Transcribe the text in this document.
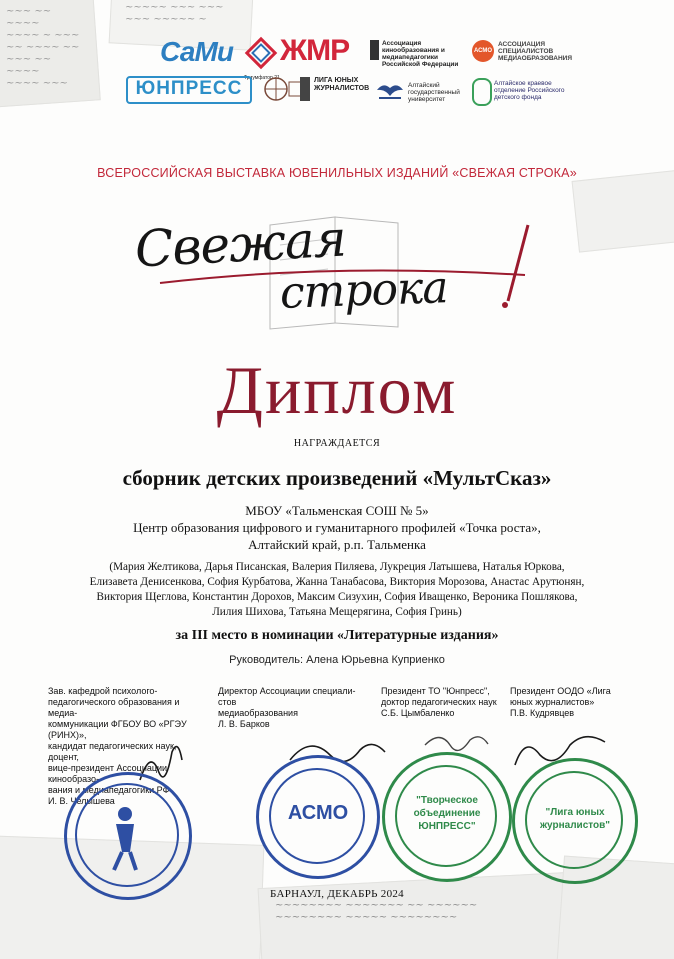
~~~ ~~ ~~~~
~~~~ ~ ~~~
~~ ~~~~ ~~
~~~ ~~ ~~~~
~~~~ ~~~
~~~~~ ~~~ ~~~
~~~ ~~~~~ ~
~~~~~~~~ ~~~~~~~ ~~ ~~~~~~
~~~~~~~~ ~~~~~ ~~~~~~~~
СаМи
Триумфатор 21
ЖМР	Ассоциация кинообразования и медиапедагогики Российской Федерации
АСМО
АССОЦИАЦИЯ СПЕЦИАЛИСТОВ МЕДИАОБРАЗОВАНИЯ
ЮНПРЕСС	ЛИГА ЮНЫХ ЖУРНАЛИСТОВ	Алтайский государственный университет
Алтайское краевое отделение Российского детского фонда
ВСЕРОССИЙСКАЯ ВЫСТАВКА ЮВЕНИЛЬНЫХ ИЗДАНИЙ «СВЕЖАЯ СТРОКА»
Свежая
строка
Диплом
НАГРАЖДАЕТСЯ
сборник детских произведений «МультСказ»
МБОУ «Тальменская СОШ № 5»
Центр образования цифрового и гуманитарного профилей «Точка роста»,
Алтайский край, р.п. Тальменка
(Мария Желтикова, Дарья Писанская, Валерия Пиляева, Лукреция Латышева, Наталья Юркова,
Елизавета Денисенкова, София Курбатова, Жанна Танабасова, Виктория Морозова, Анастас Арутюнян,
Виктория Щеглова, Константин Дорохов, Максим Сизухин, София Иващенко, Вероника Пошлякова,
Лилия Шихова, Татьяна Мещерягина, София Гринь)
за III место в номинации «Литературные издания»
Руководитель: Алена Юрьевна Куприенко
Зав. кафедрой психолого-
педагогического образования и медиа-
коммуникации ФГБОУ ВО «РГЭУ (РИНХ)»,
кандидат педагогических наук, доцент,
вице-президент Ассоциации кинообразо-
вания и медиапедагогики РФ
И. В. Челышева
Директор Ассоциации специали-
стов
медиаобразования
Л. В. Барков
Президент ТО "Юнпресс",
доктор педагогических наук
С.Б. Цымбаленко
Президент ООДО «Лига
юных журналистов»
П.В. Кудрявцев
АСМО
"Творческое
объединение
ЮНПРЕСС"
"Лига юных
журналистов"
БАРНАУЛ, ДЕКАБРЬ 2024
